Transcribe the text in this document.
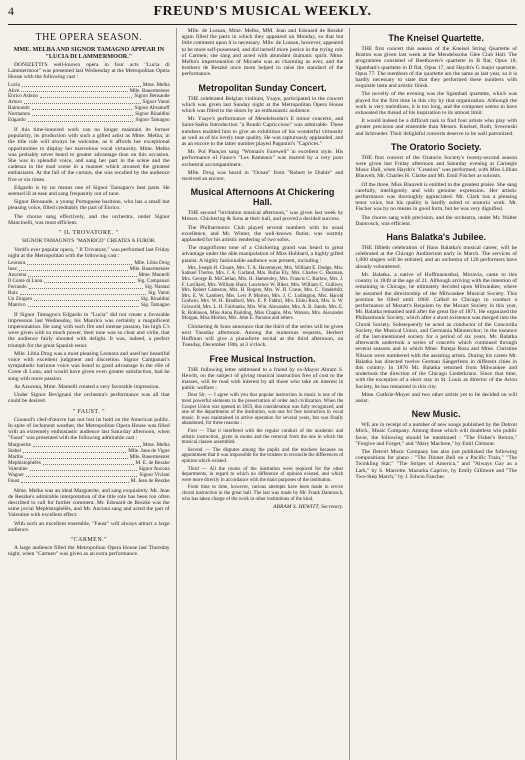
4	FREUND'S MUSICAL WEEKLY.
THE OPERA SEASON.
MME. MELBA AND SIGNOR TAMAGNO APPEAR IN "LUCIA DI LAMMERMOOR."

DONIZETTI'S well-known opera in four acts "Lucia di Lammermoor" was presented last Wednesday at the Metropolitan Opera House with the following cast :

Lucia	Mme. Melba
Alice	Mlle. Bauermeister
Enrico Ashton	Signor Bensaude
Arturo	Signor Vanni
Raimondo	Signor Abramoff
Normanno	Signor Rinaldini
Edgardo	Signor Tamagno

If this time-honored work can no longer maintain its former popularity, its production with such a gifted artist as Mme. Melba, in the title role will always be welcome, as it affords her exceptional opportunities to display her marvelous vocal virtuosity. Mme. Melba was probably never heard to greater advantage than on this occasion. She was in splendid voice, and sang her part in the scène and the cadenza in the mad scene in a manner which aroused the greatest enthusiasm. At the fall of the curtain, she was recalled by the audience five or six times.

Edgardo is by no means one of Signor Tamagno's best parts. He seemed ill at ease and sang frequently out of tune.

Signor Bensaude, a young Portuguese baritone, who has a small but pleasing voice, filled creditably the part of Enrico.

The chorus sang effectively, and the orchestra, under Signor Mancinelli, was most efficient.

" IL TROVATORE. "
SIGNOR TAMAGNO'S "MANRICO" CREATES A FUROR.

Verdi's ever popular opera, " Il Trovatore," was performed last Friday night at the Metropolitan with the following cast :

Leonora	Mlle. Libia Drog
Inez	Mlle. Bauermeister
Azucena	Mme. Mantelli
Il Conte di Luna	Sig. Campanari
Ferrando	Sig. Nastasi
Ruiz	Sig. Vanni
Un Zingaro	Sig. Rinaldini
Manrico	Sig. Tamagno

If Signor Tamagno's Edgardo in "Lucia" did not create a favorable impression last Wednesday, his Manrico was certainly a magnificent impersonation. He sang with such fire and intense passion, his high C's were given with so much power, their tone was so clear and virile, that the audience fairly shouted with delight. It was, indeed, a perfect triumph for the great Spanish tenor.

Mlle. Libia Drog was a most pleasing Leonora and used her beautiful voice with excellent judgment and discretion. Signor Campanari's sympathetic baritone voice was heard to good advantage in the rôle of Conte di Luna, and would have given even greater satisfaction, had he sung with more passion.

As Azucena, Mme. Mantelli created a very favorable impression.

Under Signor Bevignani the orchestra's performance was all that could be desired.

" FAUST. "

Gounod's chef-d'œuvre has not lost its hold on the American public. In spite of inclement weather, the Metropolitan Opera House was filled with an extremely enthusiastic audience last Saturday afternoon, when "Faust" was presented with the following admirable cast :

Marguerite	Mme. Melba
Siebel	Mlle. Jane de Vigne
Martha	Mlle. Bauermeister
Mephistophélès	M. E. de Reszke
Valentine	Signor Ancona
Wagner	Signor Viviani
Faust	M. Jean de Reszke

Mme. Melba was an ideal Marguerite, and sang exquisitely. Mr. Jean de Reszke's admirable interpretation of the title role has been too often described to call for further comment. Mr. Edouard de Reszke was the same jovial Mephistophélès, and Mr. Ancona sang and acted the part of Valentine with excellent effect.

With such an excellent ensemble, "Faust" will always attract a large audience.

"CARMEN."

A large audience filled the Metropolitan Opera House last Thursday night, when "Carmen" was given as an extra performance.

Mlle. de Lussan, Mme. Melba, MM. Jean and Edouard de Reszké again filled the parts in which they appeared on Monday, so that but little comment upon it is necessary. Mlle. de Lussan, however, appeared to be more self-possessed, and did herself more justice in the trying role of Carmen; she sang and acted with abundant dramatic spirit. Mme. Melba's impersonation of Micaela was as charming as ever, and the brothers de Reszké once more helped to raise the standard of the performance.

Metropolitan Sunday Concert.

THE celebrated Belgian violinist, Ysaye, participated in the concert which was given last Sunday night at the Metropolitan Opera House which was filled to the doors by an enthusiastic audience.

Mr. Ysaye's performance of Mendelssohn's E minor concerto, and Saint-Saëns Introduction "a Rondo Capriccioso" was admirable. These numbers enabled him to give an exhibition of his wonderful virtuosity as well as of his lovely tone quality. He was rapturously applauded, and as an encore to the latter number played Paganini's "Caprices."

Mr. Pol Plançon sang "Woman's Farewell" in excellent style. His performance of Faure's "Les Rameaux" was marred by a very poor orchestral accompaniment.

Mlle. Drog was heard in "Ocean" from "Robert le Diable" and received an encore.

Musical Afternoons At Chickering Hall.

THE second "invitation musical afternoon," was given last week by Messrs. Chickering & Sons at their hall, and proved a decided success.

The Philharmonic Club played several numbers with its usual excellence, and Mr. Winter, the well-known flutist, was warmly applauded for his artistic rendering of two solos.

The magnificent tone of a Chickering grand was heard to great advantage under the able manipulation of Miss Hubbard, a highly gifted pianist. A highly fashionable audience was present, including :

Mrs. Joseph H. Choate, Mrs. T. A. Havemeyer, Mrs. William E. Dodge, Mrs. Samuel Thorne, Mrs. J. A. Garland, Mrs. Rufus Ely, Mrs. Charles C. Beaman, Mrs. George B. McClellan, Mrs. H. Hamersley, Mrs. Francis C. Barlow, Mrs. J. F. Lorillard, Mrs. William Hunt, Lawrence W. Riker, Mrs. William C. Gulliver, Mrs. Robert Cameron, Mrs. H. Rogers, Mrs. W. H. Crane, Mrs. C. Vanderbilt, Mrs. E. W. Lambert, Mrs. Levi P. Morton, Mrs. J. C. Ludington, Mrs. Harold Godwin, Mrs. W. H. Bradford, Mrs. E. P. Fabbri, Mrs. Elihu Root, Mrs. S. W. Griswold, Mrs. L. H. Fairbanks, Mrs. Wm. Alexander, Mrs. A. B. Sands, Mrs. E. R. Robinson, Miss Anna Paulding, Miss Chapin, Mrs. Watson, Mrs. Alexander Morgan, Miss Morton, Mrs. John E. Parsons and others.

Chickering & Sons announce that the third of the series will be given next Tuesday afternoon. Among the numerous requests, Herbert Hoffman will give a pianoforte recital at the third afternoon, on Tuesday, December 18th, at 3 o'clock.

Free Musical Instruction.

THE following letter addressed to a friend by ex-Mayor Abram S. Hewitt, on the subject of giving musical instruction free of cost to the masses, will be read with interest by all those who take an interest in public welfare :

Dear Sir, — I agree with you that popular instruction in music is one of the most powerful elements in the preservation of order and civilization. When the Cooper Union was opened in 1859, this consideration was fully recognized, and one of the departments of the institution, was one for free instruction in vocal music. It was maintained in active operation for several years, but was finally abandoned, for three reasons :

First — That it interfered with the regular conduct of the academic and artistic instruction, given in rooms and the removal from the one in which the musical classes assembled.

Second — The disputes among the pupils and the teachers because no appointment that it was impossible for the trustees to reconcile the differences of opinion which existed.

Third — All the rooms of the institution were required for the other departments, in regard to which no difference of opinion existed, and which were more directly in accordance with the main purposes of the institution.

From time to time, however, various attempts have been made to revive choral instruction in the great hall. The last was made by Mr. Frank Damrosch, who has taken charge of the work in other institutions of the kind.

ABRAM S. HEWITT, Secretary.
The Kneisel Quartette.

THE first concert this season of the Kneisel String Quartette of Boston was given last week at the Mendelssohn Glee Club Hall. The programme consisted of Beethoven's quartette in B flat, Opus 18, Sgambati's quartette in D flat, Opus 17, and Haydn's G major quartette, Opus 77. The members of the quartette are the same as last year, so it is hardly necessary to state that they performed these numbers with exquisite taste and artistic finish.

The novelty of the evening was the Sgambati quartette, which was played for the first time in this city by that organization. Although the work is very melodious, it is too long, and the composer seems to have exhausted the thread of his inspiration to its utmost limit.

It would indeed be a difficult task to find four artists who play with greater precision and ensemble than Messrs. Kneisel, Roth, Svecenski and Schroeder. Their delightful concerts deserve to be well patronized.

The Oratorio Society.

THE first concert of the Oratorio Society's twenty-second season were given last Friday afternoon and Saturday evening at Carnegie Music Hall, when Haydn's "Creation" was performed, with Miss Lillian Blauvelt, Mr. Charles H. Clarke and Mr. Emil Fischer as soloists.

Of the three, Miss Blauvelt is entitled to the greatest praise. She sang carefully, intelligently and with genuine expression. Her artistic performance was thoroughly appreciated. Mr. Clark has a pleasing tenor voice, but his quality is hardly suited to oratorio work. Mr. Fischer was by no means in good form, but he was very dignified.

The chorus sang with precision, and the orchestra, under Mr. Walter Damrosch, was efficient.

Hans Balatka's Jubilee.

THE fiftieth celebration of Hans Balatka's musical career, will be celebrated at the Chicago Auditorium early in March. The services of 1,000 singers will be enlisted, and an orchestra of 120 performers have already volunteered.

Mr. Balatka, a native of Hoffmannsthal, Moravia, came to this country in 1849 at the age of 21. Although arriving with the intention of remaining in Chicago, he ultimately decided upon Milwaukee, where he assumed the directorship of the Milwaukee Musical Society. This position he filled until 1860. Called to Chicago to conduct a performance of Mozart's Requiem by the Mozart Society in this year, Mr. Balatka remained until after the great fire of 1871. He organized the Philharmonic Society, which after a short existence was merged into the Choral Society. Subsequently he acted as conductor of the Concordia Society, the Musical Union, and Germania Männerchor; in the instance of the last-mentioned society for a period of six years. Mr. Balatka afterwards undertook a series of concerts which continued through several seasons and in which Mme. Parepa Rosa and Mme. Christine Nilsson were numbered with the assisting artists. During his career Mr. Balatka has directed twelve German Sängerfests in different cities in this country. In 1876 Mr. Balatka returned from Milwaukee and undertook the direction of the Chicago Liederkranz. Since that time, with the exception of a short stay in St. Louis as director of the Arion Society, he has remained in this city.

Mme. Guthrie-Moyer and two other artists yet to be decided on will assist.

New Music.

WE are in receipt of a number of new songs published by the Detroit Mich., Music Company. Among those which will doubtless win public favor, the following should be mentioned : "The Fisher's Return," "Forgive and Forget," and "Mary Machree," by Emil Clémont.

The Detroit Music Company has also just published the following compositions for piano : "The Dinner Bell on a Pacific Train," "The Twinkling Star," "The Stripes of America," and "Always Gay as a Lark," by S. Marcette. Mazurka Caprice, by Emily Gillmore and "The Two-Step March," by J. Edwin Fancher.
